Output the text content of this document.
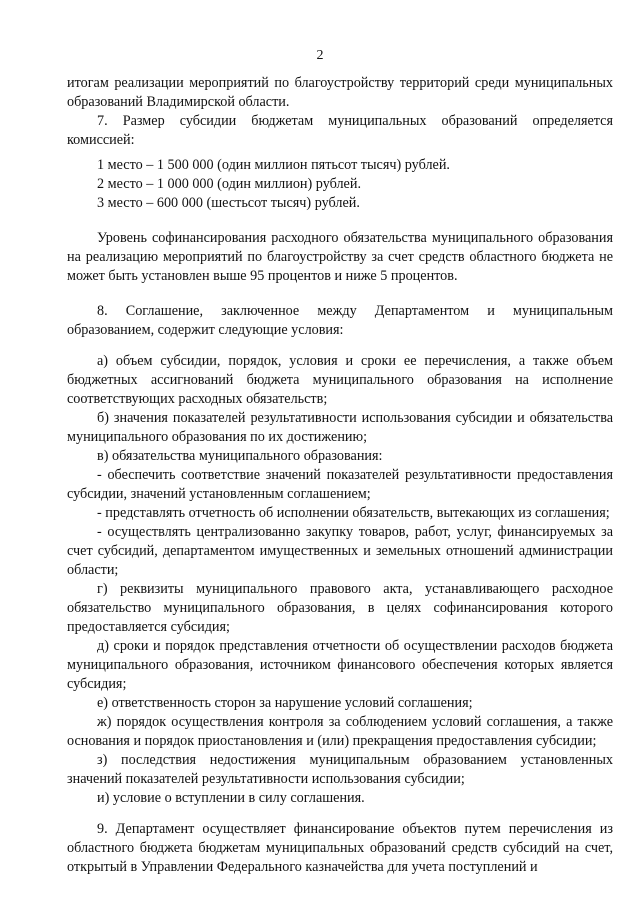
2

итогам реализации мероприятий по благоустройству территорий среди муниципальных образований Владимирской области.

7. Размер субсидии бюджетам муниципальных образований определяется комиссией:

1 место – 1 500 000 (один миллион пятьсот тысяч) рублей.

2 место – 1 000 000 (один миллион) рублей.

3 место – 600 000 (шестьсот тысяч) рублей.

Уровень софинансирования расходного обязательства муниципального образования на реализацию мероприятий по благоустройству за счет средств областного бюджета не может быть установлен выше 95 процентов и ниже 5 процентов.

8. Соглашение, заключенное между Департаментом и муниципальным образованием, содержит следующие условия:

а) объем субсидии, порядок, условия и сроки ее перечисления, а также объем бюджетных ассигнований бюджета муниципального образования на исполнение соответствующих расходных обязательств;

б) значения показателей результативности использования субсидии и обязательства муниципального образования по их достижению;

в) обязательства муниципального образования:

- обеспечить соответствие значений показателей результативности предоставления субсидии, значений установленным соглашением;

- представлять отчетность об исполнении обязательств, вытекающих из соглашения;

- осуществлять централизованно закупку товаров, работ, услуг, финансируемых за счет субсидий, департаментом имущественных и земельных отношений администрации области;

г) реквизиты муниципального правового акта, устанавливающего расходное обязательство муниципального образования, в целях софинансирования которого предоставляется субсидия;

д) сроки и порядок представления отчетности об осуществлении расходов бюджета муниципального образования, источником финансового обеспечения которых является субсидия;

е) ответственность сторон за нарушение условий соглашения;

ж) порядок осуществления контроля за соблюдением условий соглашения, а также основания и порядок приостановления и (или) прекращения предоставления субсидии;

з) последствия недостижения муниципальным образованием установленных значений показателей результативности использования субсидии;

и) условие о вступлении в силу соглашения.

9. Департамент осуществляет финансирование объектов путем перечисления из областного бюджета бюджетам муниципальных образований средств субсидий на счет, открытый в Управлении Федерального казначейства для учета поступлений и
